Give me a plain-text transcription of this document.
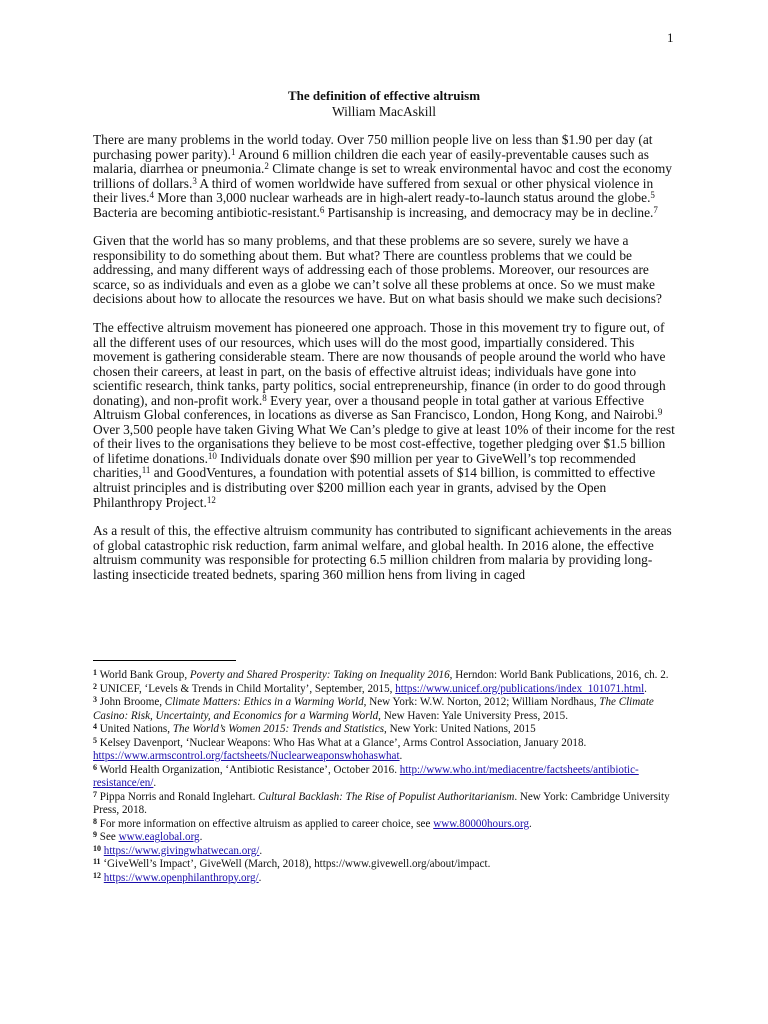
1
The definition of effective altruism
William MacAskill

There are many problems in the world today. Over 750 million people live on less than $1.90 per day (at purchasing power parity).$^1$ Around 6 million children die each year of easily-preventable causes such as malaria, diarrhea or pneumonia.$^2$ Climate change is set to wreak environmental havoc and cost the economy trillions of dollars.$^3$ A third of women worldwide have suffered from sexual or other physical violence in their lives.$^4$ More than 3,000 nuclear warheads are in high-alert ready-to-launch status around the globe.$^5$ Bacteria are becoming antibiotic-resistant.$^6$ Partisanship is increasing, and democracy may be in decline.$^7$

Given that the world has so many problems, and that these problems are so severe, surely we have a responsibility to do something about them. But what? There are countless problems that we could be addressing, and many different ways of addressing each of those problems. Moreover, our resources are scarce, so as individuals and even as a globe we can’t solve all these problems at once. So we must make decisions about how to allocate the resources we have. But on what basis should we make such decisions?

The effective altruism movement has pioneered one approach. Those in this movement try to figure out, of all the different uses of our resources, which uses will do the most good, impartially considered. This movement is gathering considerable steam. There are now thousands of people around the world who have chosen their careers, at least in part, on the basis of effective altruist ideas; individuals have gone into scientific research, think tanks, party politics, social entrepreneurship, finance (in order to do good through donating), and non-profit work.$^8$ Every year, over a thousand people in total gather at various Effective Altruism Global conferences, in locations as diverse as San Francisco, London, Hong Kong, and Nairobi.$^9$ Over 3,500 people have taken Giving What We Can’s pledge to give at least 10% of their income for the rest of their lives to the organisations they believe to be most cost-effective, together pledging over $1.5 billion of lifetime donations.$^{10}$ Individuals donate over $90 million per year to GiveWell’s top recommended charities,$^{11}$ and GoodVentures, a foundation with potential assets of $14 billion, is committed to effective altruist principles and is distributing over $200 million each year in grants, advised by the Open Philanthropy Project.$^{12}$

As a result of this, the effective altruism community has contributed to significant achievements in the areas of global catastrophic risk reduction, farm animal welfare, and global health. In 2016 alone, the effective altruism community was responsible for protecting 6.5 million children from malaria by providing long-lasting insecticide treated bednets, sparing 360 million hens from living in caged

$^1$ World Bank Group, Poverty and Shared Prosperity: Taking on Inequality 2016, Herndon: World Bank Publications, 2016, ch. 2.
$^2$ UNICEF, ‘Levels & Trends in Child Mortality’, September, 2015, https://www.unicef.org/publications/index_101071.html.
$^3$ John Broome, Climate Matters: Ethics in a Warming World, New York: W.W. Norton, 2012; William Nordhaus, The Climate Casino: Risk, Uncertainty, and Economics for a Warming World, New Haven: Yale University Press, 2015.
$^4$ United Nations, The World’s Women 2015: Trends and Statistics, New York: United Nations, 2015
$^5$ Kelsey Davenport, ‘Nuclear Weapons: Who Has What at a Glance’, Arms Control Association, January 2018. https://www.armscontrol.org/factsheets/Nuclearweaponswhohaswhat.
$^6$ World Health Organization, ‘Antibiotic Resistance’, October 2016. http://www.who.int/mediacentre/factsheets/antibiotic-resistance/en/.
$^7$ Pippa Norris and Ronald Inglehart. Cultural Backlash: The Rise of Populist Authoritarianism. New York: Cambridge University Press, 2018.
$^8$ For more information on effective altruism as applied to career choice, see www.80000hours.org.
$^9$ See www.eaglobal.org.
$^{10}$ https://www.givingwhatwecan.org/.
$^{11}$ ‘GiveWell’s Impact’, GiveWell (March, 2018), https://www.givewell.org/about/impact.
$^{12}$ https://www.openphilanthropy.org/.
